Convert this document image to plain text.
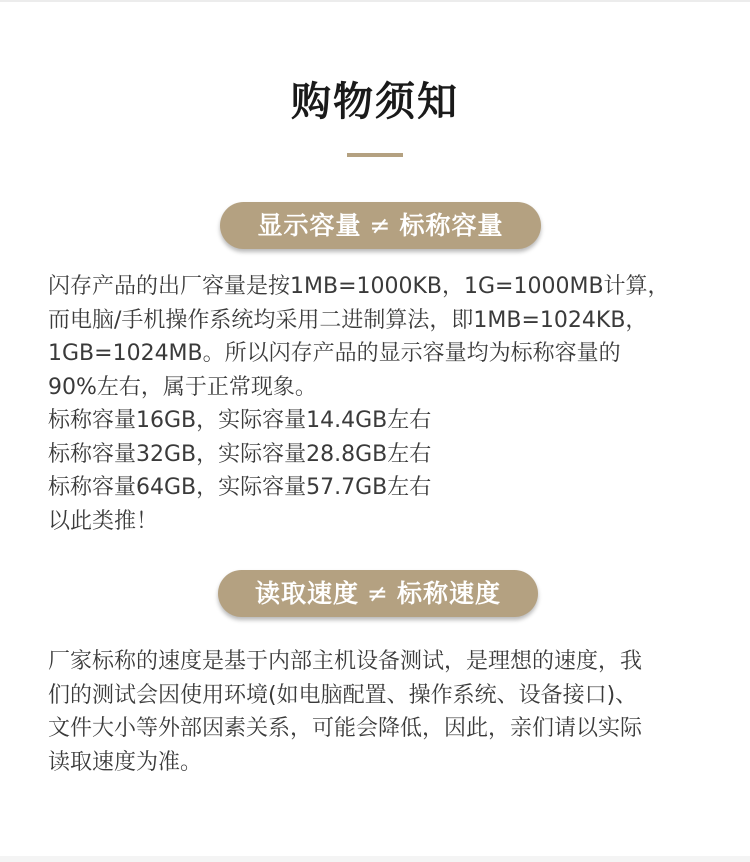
购物须知
显示容量 ≠ 标称容量
闪存产品的出厂容量是按1MB=1000KB，1G=1000MB计算，
而电脑/手机操作系统均采用二进制算法，即1MB=1024KB，
1GB=1024MB。所以闪存产品的显示容量均为标称容量的
90%左右，属于正常现象。
标称容量16GB，实际容量14.4GB左右
标称容量32GB，实际容量28.8GB左右
标称容量64GB，实际容量57.7GB左右
以此类推！
读取速度 ≠ 标称速度
厂家标称的速度是基于内部主机设备测试，是理想的速度，我
们的测试会因使用环境(如电脑配置、操作系统、设备接口)、
文件大小等外部因素关系，可能会降低，因此，亲们请以实际
读取速度为准。
